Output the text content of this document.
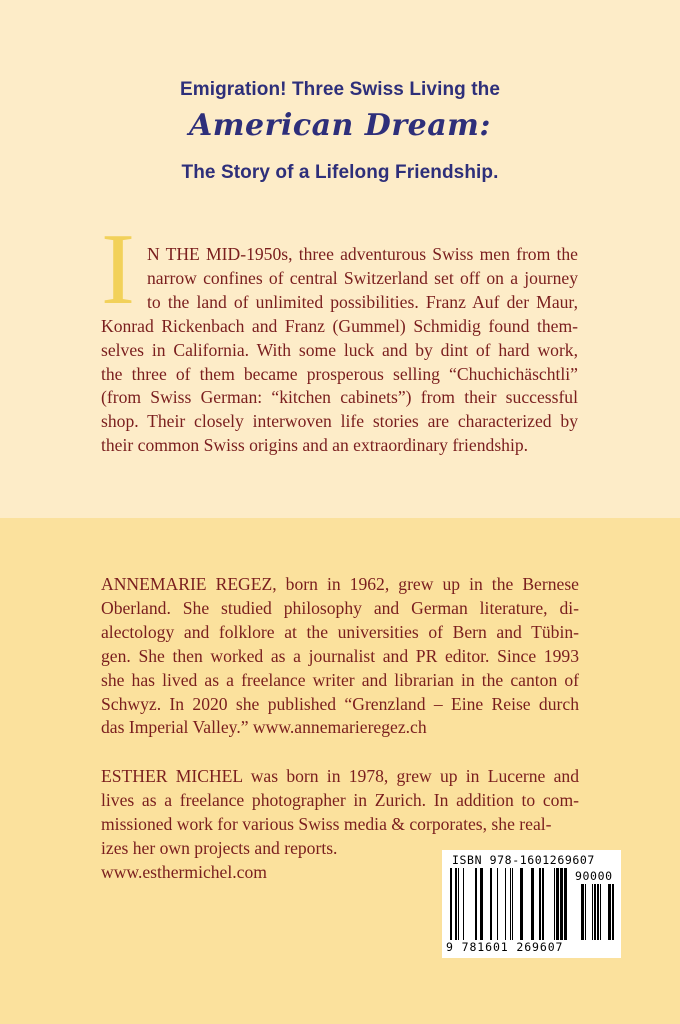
Emigration! Three Swiss Living the
American Dream:
The Story of a Lifelong Friendship.
I N THE MID-1950s, three adventurous Swiss men from the
narrow confines of central Switzerland set off on a journey
to the land of unlimited possibilities. Franz Auf der Maur,
Konrad Rickenbach and Franz (Gummel) Schmidig found them-
selves in California. With some luck and by dint of hard work,
the three of them became prosperous selling “Chuchichäschtli”
(from Swiss German: “kitchen cabinets”) from their successful
shop. Their closely interwoven life stories are characterized by
their common Swiss origins and an extraordinary friendship.
ANNEMARIE REGEZ, born in 1962, grew up in the Bernese
Oberland. She studied philosophy and German literature, di-
alectology and folklore at the universities of Bern and Tübin-
gen. She then worked as a journalist and PR editor. Since 1993
she has lived as a freelance writer and librarian in the canton of
Schwyz. In 2020 she published “Grenzland – Eine Reise durch
das Imperial Valley.” www.annemarieregez.ch
ESTHER MICHEL was born in 1978, grew up in Lucerne and
lives as a freelance photographer in Zurich. In addition to com-
missioned work for various Swiss media & corporates, she real-
izes her own projects and reports.
www.esthermichel.com
ISBN 978-1601269607
90000
9 781601 269607
